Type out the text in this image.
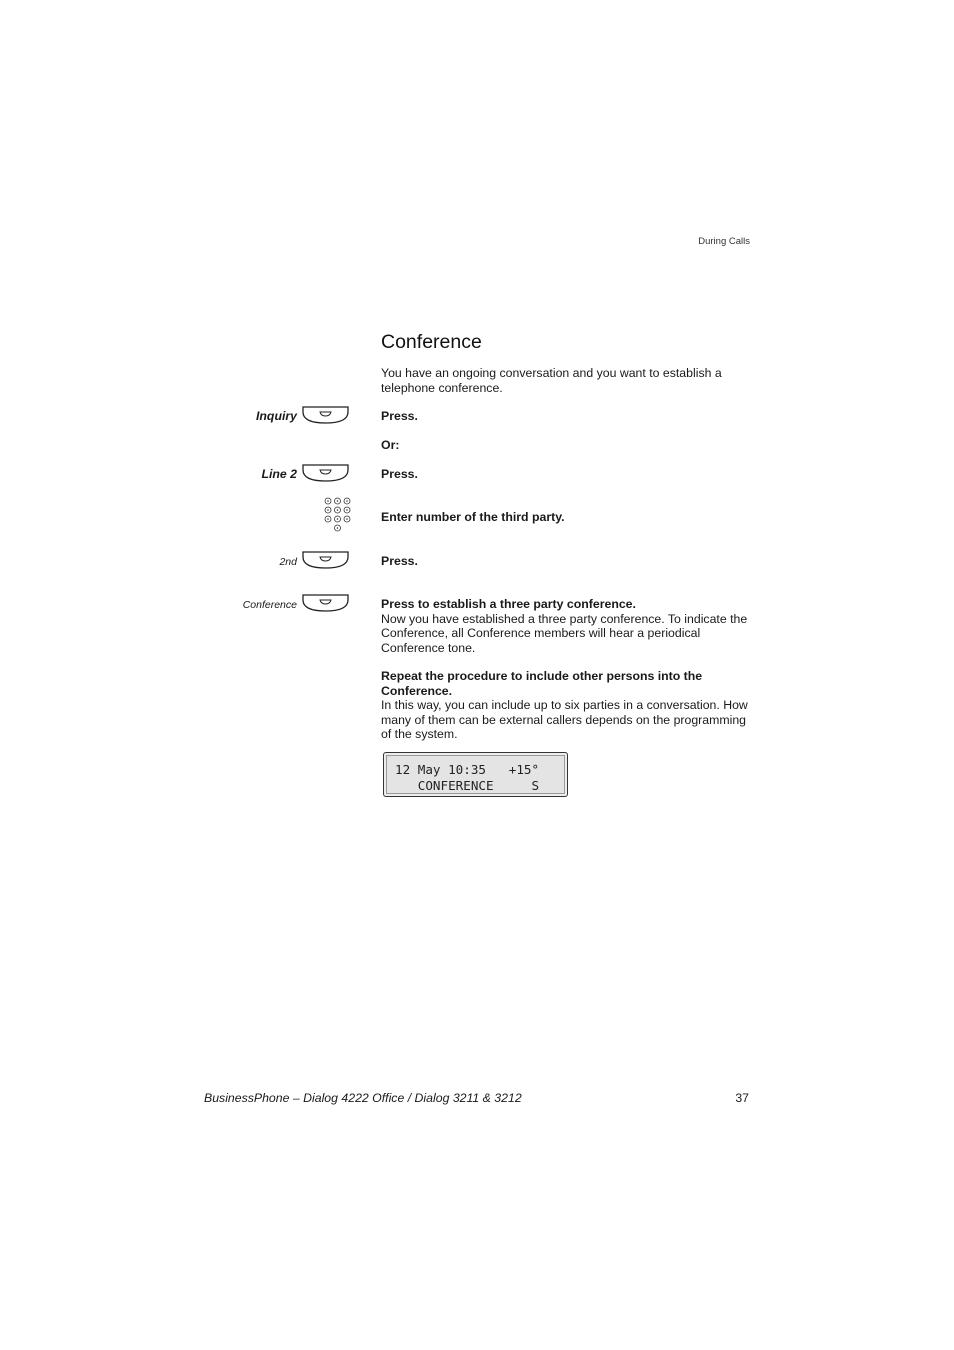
During Calls
Conference
You have an ongoing conversation and you want to establish a telephone conference.
Inquiry	Press.
Or:
Line 2	Press.
Enter number of the third party.
2nd	Press.
Conference	Press to establish a three party conference.
Now you have established a three party conference. To indicate the Conference, all Conference members will hear a periodical Conference tone.
Repeat the procedure to include other persons into the Conference.
In this way, you can include up to six parties in a conversation. How many of them can be external callers depends on the programming of the system.
12 May 10:35   +15°
CONFERENCE     S
BusinessPhone – Dialog 4222 Office / Dialog 3211 & 3212	37
